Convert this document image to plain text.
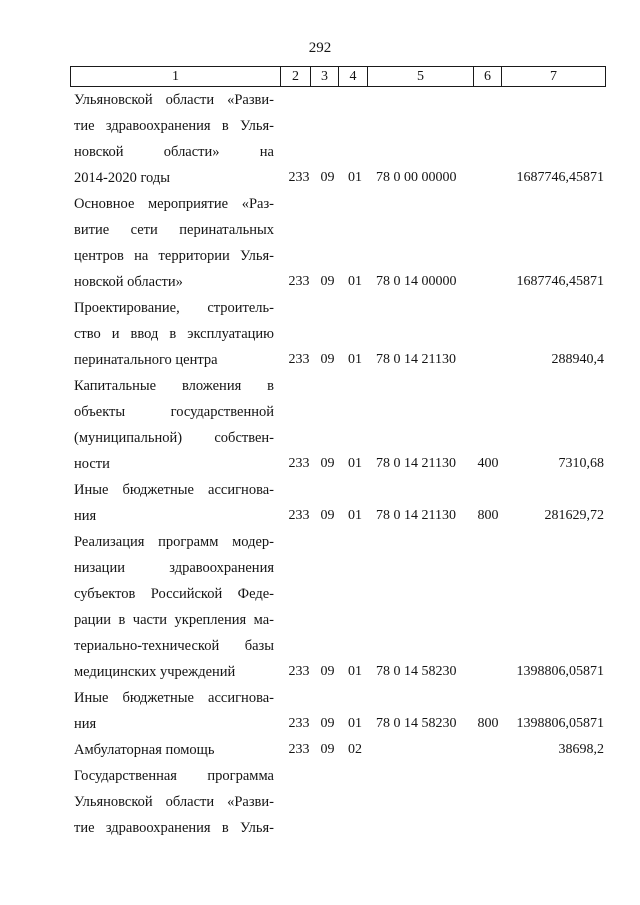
292
1	2	3	4	5	6	7
Ульяновской области «Разви-
тие здравоохранения в Улья-
новской области» на
2014-2020 годы	233 09 01	78 0 00 00000	1687746,45871
Основное мероприятие «Раз-
витие сети перинатальных
центров на территории Улья-
новской области»	233 09 01	78 0 14 00000	1687746,45871
Проектирование, строитель-
ство и ввод в эксплуатацию
перинатального центра	233 09 01	78 0 14 21130	288940,4
Капитальные вложения в
объекты государственной
(муниципальной) собствен-
ности	233 09 01	78 0 14 21130	400	7310,68
Иные бюджетные ассигнова-
ния	233 09 01	78 0 14 21130	800	281629,72
Реализация программ модер-
низации здравоохранения
субъектов Российской Феде-
рации в части укрепления ма-
териально-технической базы
медицинских учреждений	233 09 01	78 0 14 58230	1398806,05871
Иные бюджетные ассигнова-
ния	233 09 01	78 0 14 58230	800	1398806,05871
Амбулаторная помощь	233 09 02	38698,2
Государственная программа
Ульяновской области «Разви-
тие здравоохранения в Улья-
